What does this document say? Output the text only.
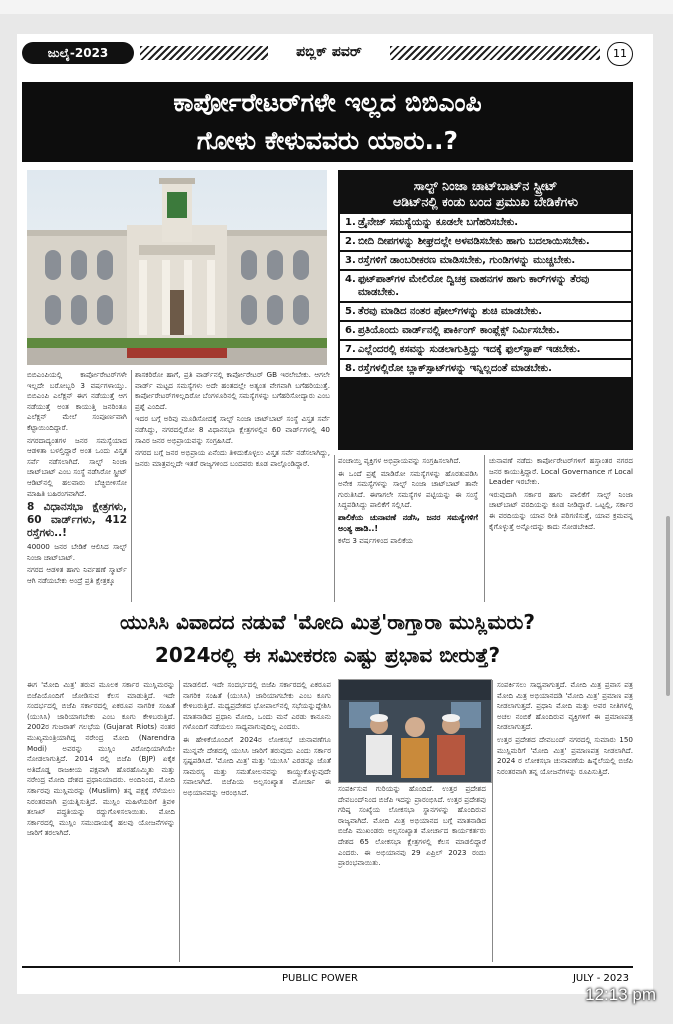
ಜುಲೈ-2023	ಪಬ್ಲಿಕ್ ಪವರ್	11
ಕಾರ್ಪೋರೇಟರ್‌ಗಳೇ ಇಲ್ಲದ ಬಿಬಿಎಂಪಿ
ಗೋಳು ಕೇಳುವವರು ಯಾರು..?
ಸಾಲ್ಟ್ ನಿಂಜಾ ಚಾಟ್‌ಬಾಟ್‌ನ ಸ್ಟ್ರೀಟ್
ಆಡಿಟ್‌ನಲ್ಲಿ ಕಂಡು ಬಂದ ಪ್ರಮುಖ ಬೇಡಿಕೆಗಳು
1. ಡ್ರೈನೇಜ್ ಸಮಸ್ಯೆಯನ್ನು ಕೂಡಲೇ ಬಗೆಹರಿಸಬೇಕು.
2. ಬೀದಿ ದೀಪಗಳನ್ನು ಶೀಘ್ರದಲ್ಲೇ ಅಳವಡಿಸಬೇಕು ಹಾಗು ಬದಲಾಯಿಸಬೇಕು.
3. ರಸ್ತೆಗಳಿಗೆ ಡಾಂಬರೀಕರಣ ಮಾಡಿಸಬೇಕು, ಗುಂಡಿಗಳನ್ನು ಮುಚ್ಚಬೇಕು.
4. ಫುಟ್‌ಪಾತ್‌ಗಳ ಮೇಲಿರೋ ದ್ವಿಚಕ್ರ ವಾಹನಗಳ ಹಾಗು ಕಾರ್‌ಗಳನ್ನು ತೆರವು ಮಾಡಬೇಕು.
5. ತೆರವು ಮಾಡಿದ ನಂತರ ಪೋಲ್‌ಗಳನ್ನು ಶುಚಿ ಮಾಡಬೇಕು.
6. ಪ್ರತಿಯೊಂದು ವಾರ್ಡ್‌ನಲ್ಲಿ ಪಾರ್ಕಿಂಗ್ ಕಾಂಪ್ಲೆಕ್ಸ್ ನಿರ್ಮಿಸಬೇಕು.
7. ಎಲ್ಲೆಂದರಲ್ಲಿ ಕಸವನ್ನು ಸುಡಲಾಗುತ್ತಿದ್ದು ಇದಕ್ಕೆ ಫುಲ್‌ಸ್ಟಾಪ್ ಇಡಬೇಕು.
8. ರಸ್ತೆಗಳಲ್ಲಿರೋ ಬ್ಲಾಕ್‌ಸ್ಪಾಟ್‌ಗಳನ್ನು ಇನ್ನಿಲ್ಲದಂತೆ ಮಾಡಬೇಕು.

ಬಿಬಿಎಂಪಿಯಲ್ಲಿ ಕಾರ್ಪೋರೇಟರ್‌ಗಳೇ ಇಲ್ಲದೇ ಬರೋಬ್ಬರಿ 3 ವರ್ಷಗಳಾಯ್ತು. ಬಿಬಿಎಂಪಿ ಎಲೆಕ್ಷನ್ ಈಗ ನಡೆಯುತ್ತೆ ಆಗ ನಡೆಯುತ್ತೆ ಅಂತ ಕಾಯುತ್ತಿ ಜನರಿಂತೂ ಎಲೆಕ್ಷನ್ ಮೇಲೆ ಸಂಪೂರ್ಣವಾಗಿ ಕೆಟ್ಟಾಯಿಂದಿದ್ದಾರೆ.

ನಗರದಾದ್ಯಂತಗಳ ಜನರ ಸಮಸ್ಯೆಯಾದ ಆಡಳಿತಾ ಬಳಲ್ತಿದ್ದಾರೆ ಅಂತ ಒಂದು ವಿಸ್ತೃತ ಸರ್ವೆ ನಡೆಸಲಾಗಿದೆ. ಸಾಲ್ಟ್ ನಿಂಜಾ ಚಾಟ್‌ಬಾಟ್ ಎಂಬ ಸಂಸ್ಥೆ ನಡೆಸಿರೋ ಸ್ಟ್ರೀಟ್ ಆಡಿಟ್‌ನಲ್ಲಿ ಹಲವಾರು ಬೆಚ್ಚಿಬೀಳಿಸೋ ಮಾಹಿತಿ ಬಹಿರಂಗವಾಗಿದೆ.

8 ವಿಧಾನಸಭಾ ಕ್ಷೇತ್ರಗಳು, 60 ವಾರ್ಡ್‌ಗಳು, 412 ರಸ್ತೆಗಳು..!

40000 ಜನರ ಬೇಡಿಕೆ ಆಲಿಸಿದ ಸಾಲ್ಟ್ ನಿಂಜಾ ಚಾಟ್‌ಬಾಟ್.

ನಗರದ ಆಡಳಿತ ಹಾಗು ನಿರ್ವಹಣೆ ಸ್ಮಾರ್ಟ್ ಆಗಿ ನಡೆಯಬೇಕು ಅಂದ್ರೆ ಪ್ರತಿ ಕ್ಷೇತ್ರಕ್ಕೂ

ಶಾಸಕರಿರೋ ಹಾಗೆ, ಪ್ರತಿ ವಾರ್ಡ್‌ನಲ್ಲಿ ಕಾರ್ಪೋರೇಟರ್ GB ಇರಲೇಬೇಕು. ಆಗಲೇ ವಾರ್ಡ್ ಮಟ್ಟದ ಸಮಸ್ಯೆಗಳು ಅದೇ ಹಂತದಲ್ಲೇ ಅತ್ಯಂತ ವೇಗವಾಗಿ ಬಗೆಹರಿಯುತ್ತೆ. ಕಾರ್ಪೋರೇಟರ್‌ಗಳಿಲ್ಲದಿರೋ ಬೆಂಗಳೂರಿನಲ್ಲಿ ಸಮಸ್ಯೆಗಳನ್ನು ಬಗೆಹರಿಸೋದ್ಯಾರು ಎಂಬ ಪ್ರಶ್ನೆ ಎಂದಿದೆ.

ಇದರ ಬಗ್ಗೆ ಅರಿವು ಮೂಡಿಸೋದಕ್ಕೆ ಸಾಲ್ಟ್ ನಿಂಜಾ ಚಾಟ್‌ಬಾಟ್ ಸಂಸ್ಥೆ ವಿಸ್ತೃತ ಸರ್ವೆ ನಡೆಸಿದ್ದು, ನಗರದಲ್ಲಿರೋ 8 ವಿಧಾನಸಭಾ ಕ್ಷೇತ್ರಗಳಲ್ಲಿನ 60 ವಾರ್ಡ್‌ಗಳಲ್ಲಿ 40 ಸಾವಿರ ಜನರ ಅಭಿಪ್ರಾಯವನ್ನು ಸಂಗ್ರಹಿಸಿದೆ.

ನಗರದ ಬಗ್ಗೆ ಜನರ ಅಭಿಪ್ರಾಯ ಏನೆಂದು ತಿಳಿದುಕೊಳ್ಳಲು ವಿಸ್ತೃತ ಸರ್ವೆ ನಡೆಸಲಾಗಿದ್ದು, ಜನರು ಮಾತ್ರವಲ್ಲದೇ ಇತರೆ ರಾಜ್ಯಗಳಿಂದ ಬಂದವರು ಕೂಡ ಪಾಲ್ಗೊಂಡಿದ್ದಾರೆ.	ಪಂಚಾಯ್ತಿ ವ್ಯಕ್ತಿಗಳ ಅಭಿಪ್ರಾಯವನ್ನು ಸಂಗ್ರಹಿಸಲಾಗಿದೆ.

ಈ ಒಂದೆ ಪ್ರಶ್ನೆ ಮಾಡಿರೋ ಸಮಸ್ಯೆಗಳನ್ನು ಹೊರತುಪಡಿಸಿ ಅನೇಕ ಸಮಸ್ಯೆಗಳನ್ನು ಸಾಲ್ಟ್ ನಿಂಜಾ ಚಾಟ್‌ಬಾಟ್ ತಾನೇ ಗುರುತಿಸಿದೆ. ಈಗಾಗಲೇ ಸಮಸ್ಯೆಗಳ ಪಟ್ಟಿಯನ್ನು ಈ ಸಂಸ್ಥೆ ಸಿದ್ಧಪಡಿಸಿದ್ದು ಪಾಲಿಕೆಗೆ ಸಲ್ಲಿಸಿದೆ.

ಪಾಲಿಕೆಯ ಚುನಾವಣೆ ನಡೆಸಿ, ಜನರ ಸಮಸ್ಯೆಗಳಿಗೆ ಅಂತ್ಯ ಹಾಡಿ..!

ಕಳೆದ 3 ವರ್ಷಗಳಿಂದ ಪಾಲಿಕೆಯ

ಚುನಾವಣೆ ನಡೆದು ಕಾರ್ಪೋರೇಟರ್‌ಗಳಿಗೆ ಹಸ್ತಾಂತರ ನಗರದ ಜನರ ಕಾಯುತ್ತಿದ್ದಾರೆ. Local Governance ಗೆ Local Leader ಇರಬೇಕು.

ಇರುವುದಾಗಿ ಸರ್ಕಾರ ಹಾಗು ಪಾಲಿಕೆಗೆ ಸಾಲ್ಟ್ ನಿಂಜಾ ಚಾಟ್‌ಬಾಟ್ ವರದಿಯನ್ನು ಕೂಡ ನೀಡಿದ್ದಾರೆ. ಒಟ್ಟಲ್ಲಿ, ಸರ್ಕಾರ ಈ ವರದಿಯನ್ನು ಯಾವ ರೀತಿ ಪರಿಗಣಿಸುತ್ತೆ, ಯಾವ ಕ್ರಮವನ್ನ ಕೈಗೊಳ್ಳುತ್ತೆ ಅನ್ನೋದನ್ನು ಕಾದು ನೋಡಬೇಕಿದೆ.

ಯುಸಿಸಿ ವಿವಾದದ ನಡುವೆ 'ಮೋದಿ ಮಿತ್ರ'ರಾಗ್ತಾರಾ ಮುಸ್ಲಿಮರು?
2024ರಲ್ಲಿ ಈ ಸಮೀಕರಣ ಎಷ್ಟು ಪ್ರಭಾವ ಬೀರುತ್ತೆ?

ಈಗ 'ಮೋದಿ ಮಿತ್ರ' ತರುವ ಮೂಲಕ ಸರ್ಕಾರ ಮುಸ್ಲಿಮರನ್ನು ಬಿಜೆಪಿಯೊಂದಿಗೆ ಜೋಡಿಸುವ ಕೆಲಸ ಮಾಡುತ್ತಿದೆ. ಇದೇ ಸಂದರ್ಭದಲ್ಲಿ ಬಿಜೆಪಿ ಸರ್ಕಾರದಲ್ಲಿ ಏಕರೂಪ ನಾಗರಿಕ ಸಂಹಿತೆ (ಯುಸಿಸಿ) ಜಾರಿಯಾಗಬೇಕು ಎಂಬ ಕೂಗು ಕೇಳಿಬರುತ್ತಿದೆ. 2002ರ ಗುಜರಾತ್ ಗಲಭೆಯ (Gujarat Riots) ನಂತರ ಮುಖ್ಯಮಂತ್ರಿಯಾಗಿದ್ದ ನರೇಂದ್ರ ಮೋದಿ (Narendra Modi) ಅವರನ್ನು ಮುಸ್ಲಿಂ ವಿರೋಧಿಯಾಗಿಯೇ ನೋಡಲಾಗುತ್ತಿದೆ. 2014 ರಲ್ಲಿ ಬಿಜೆಪಿ (BJP) ಏಕೈಕ ಅತಿದೊಡ್ಡ ರಾಜಕೀಯ ಪಕ್ಷವಾಗಿ ಹೊರಹೊಮ್ಮಿತು ಮತ್ತು ನರೇಂದ್ರ ಮೋದಿ ದೇಶದ ಪ್ರಧಾನಿಯಾದರು. ಅಂದಿನಿಂದ, ಮೋದಿ ಸರ್ಕಾರವು ಮುಸ್ಲಿಮರನ್ನು (Muslim) ತನ್ನ ಪಕ್ಷಕ್ಕೆ ಸೆಳೆಯಲು ನಿರಂತರವಾಗಿ ಪ್ರಯತ್ನಿಸುತ್ತಿದೆ. ಮುಸ್ಲಿಂ ಮಹಿಳೆಯರಿಗೆ ತ್ರಿವಳಿ ತಲಾಖ್ ಪದ್ಧತಿಯನ್ನು ರದ್ದುಗೊಳಿಸಲಾಯಿತು. ಮೋದಿ ಸರ್ಕಾರದಲ್ಲಿ ಮುಸ್ಲಿಂ ಸಮುದಾಯಕ್ಕೆ ಹಲವು ಯೋಜನೆಗಳನ್ನು ಜಾರಿಗೆ ತರಲಾಗಿದೆ.

ಮಾಡಲಿದೆ. ಇದೇ ಸಂದರ್ಭದಲ್ಲಿ ಬಿಜೆಪಿ ಸರ್ಕಾರದಲ್ಲಿ ಏಕರೂಪ ನಾಗರಿಕ ಸಂಹಿತೆ (ಯುಸಿಸಿ) ಜಾರಿಯಾಗಬೇಕು ಎಂಬ ಕೂಗು ಕೇಳಿಬರುತ್ತಿದೆ. ಮಧ್ಯಪ್ರದೇಶದ ಭೋಪಾಲ್‌ನಲ್ಲಿ ಸಭೆಯನ್ನುದ್ದೇಶಿಸಿ ಮಾತನಾಡಿದ ಪ್ರಧಾನಿ ಮೋದಿ, ಒಂದು ಮನೆ ಎರಡು ಕಾನೂನು ಗಳೊಂದಿಗೆ ನಡೆಯಲು ಸಾಧ್ಯವಾಗುವುದಿಲ್ಲ ಎಂದರು.

ಈ ಹೇಳಿಕೆಯೊಂದಿಗೆ 2024ರ ಲೋಕಸಭೆ ಚುನಾವಣೆಗೂ ಮುನ್ನವೇ ದೇಶದಲ್ಲಿ ಯುಸಿಸಿ ಜಾರಿಗೆ ತರುವುದು ಎಂದು ಸರ್ಕಾರ ಸ್ಪಷ್ಟಪಡಿಸಿದೆ. 'ಮೋದಿ ಮಿತ್ರ' ಮತ್ತು 'ಯುಸಿಸಿ' ಎರಡನ್ನೂ ಜೊತೆ ಸಾಮರಸ್ಯ ಮತ್ತು ಸಮತೋಲನವನ್ನು ಕಾಯ್ದುಕೊಳ್ಳುವುದೇ ಸವಾಲಾಗಿದೆ. ಬಿಜೆಪಿಯ ಅಲ್ಪಸಂಖ್ಯಾತ ಮೋರ್ಚಾ ಈ ಅಭಿಯಾನವನ್ನು ಆರಂಭಿಸಿದೆ.	ಸಂಪರ್ಕಿಸುವ ಗುರಿಯನ್ನು ಹೊಂದಿದೆ. ಉತ್ತರ ಪ್ರದೇಶದ ದೇವಬಂದ್‌ನಿಂದ ಬಿಜೆಪಿ ಇದನ್ನು ಪ್ರಾರಂಭಿಸಿದೆ. ಉತ್ತರ ಪ್ರದೇಶವು ಗರಿಷ್ಠ ಸಂಖ್ಯೆಯ ಲೋಕಸಭಾ ಸ್ಥಾನಗಳನ್ನು ಹೊಂದಿರುವ ರಾಜ್ಯವಾಗಿದೆ. ಮೋದಿ ಮಿತ್ರ ಅಭಿಯಾನದ ಬಗ್ಗೆ ಮಾತನಾಡಿದ ಬಿಜೆಪಿ ಮುಖಂಡರು ಅಲ್ಪಸಂಖ್ಯಾತ ಮೋರ್ಚಾದ ಕಾರ್ಯಕರ್ತರು ದೇಶದ 65 ಲೋಕಸಭಾ ಕ್ಷೇತ್ರಗಳಲ್ಲಿ ಕೆಲಸ ಮಾಡಲಿದ್ದಾರೆ ಎಂದರು. ಈ ಅಭಿಯಾನವು 29 ಏಪ್ರಿಲ್ 2023 ರಂದು ಪ್ರಾರಂಭವಾಯಿತು.

ಸಂಪರ್ಕಿಸಲು ಸಾಧ್ಯವಾಗುತ್ತದೆ. ಮೋದಿ ಮಿತ್ರ ಪ್ರವಾಸ ಪತ್ರ ಮೋದಿ ಮಿತ್ರ ಅಭಿಯಾನದಡಿ 'ಮೋದಿ ಮಿತ್ರ' ಪ್ರಮಾಣ ಪತ್ರ ನೀಡಲಾಗುತ್ತದೆ. ಪ್ರಧಾನಿ ಮೋದಿ ಮತ್ತು ಅವರ ನೀತಿಗಳಲ್ಲಿ ಅಚಲ ನಂಬಿಕೆ ಹೊಂದಿರುವ ವ್ಯಕ್ತಿಗಳಿಗೆ ಈ ಪ್ರಮಾಣಪತ್ರ ನೀಡಲಾಗುತ್ತದೆ.

ಉತ್ತರ ಪ್ರದೇಶದ ದೇವಬಂದ್ ನಗರದಲ್ಲಿ ಸುಮಾರು 150 ಮುಸ್ಲಿಮರಿಗೆ 'ಮೋದಿ ಮಿತ್ರ' ಪ್ರಮಾಣಪತ್ರ ನೀಡಲಾಗಿದೆ. 2024 ರ ಲೋಕಸಭಾ ಚುನಾವಣೆಯ ಹಿನ್ನೆಲೆಯಲ್ಲಿ ಬಿಜೆಪಿ ನಿರಂತರವಾಗಿ ತನ್ನ ಯೋಜನೆಗಳನ್ನು ರೂಪಿಸುತ್ತಿದೆ.

PUBLIC POWER	JULY - 2023
12:13 pm
